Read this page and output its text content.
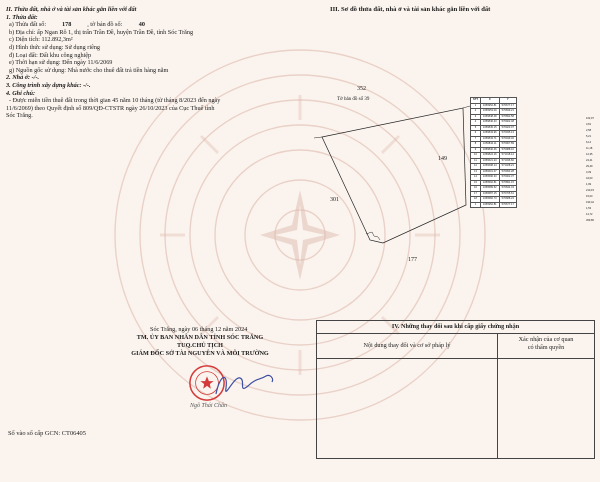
II. Thửa đất, nhà ở và tài sản khác gắn liền với đất
1. Thửa đất:
a) Thửa đất số:	178	, tờ bản đồ số:	40
b) Địa chỉ: ấp Ngan Rô 1, thị trấn Trần Đề, huyện Trần Đề, tỉnh Sóc Trăng
c) Diện tích: 112.892,3m²
d) Hình thức sử dụng: Sử dụng riêng
đ) Loại đất: Đất khu công nghiệp
e) Thời hạn sử dụng: Đến ngày 11/6/2069
g) Nguồn gốc sử dụng: Nhà nước cho thuê đất trả tiền hàng năm
2. Nhà ở: -/-.
3. Công trình xây dựng khác: -/-.
4. Ghi chú:
- Được miễn tiền thuê đất trong thời gian 45 năm 10 tháng (từ tháng 8/2023 đến ngày
11/6/2069) theo Quyết định số 809/QĐ-CTSTR ngày 26/10/2023 của Cục Thuế tỉnh
Sóc Trăng.
III. Sơ đồ thửa đất, nhà ở và tài sản khác gắn liền với đất
352
Tờ bản đồ số 39
149
301
177
STT	X	Y
1	1056952.81	570677.17
2	1056953.09	570839.21
3	1056848.48	570892.58
4	1056846.43	570902.48
5	1056845.15	570923.07
6	1056843.96	570935.13
7	1056843.71	570949.32
8	1056842.11	570967.89
9	1056840.46	570988.10
10	1056824.16	571018.12
11	1056621.23	571036.82
12	1056608.14	571028.21
13	1056601.07	570993.28
14	1056596.33	570902.37
15	1056592.81	570891.15
16	1056589.52	570844.43
17	1056587.15	570765.61
18	1056582.73	570688.24
1	1056952.81	570677.17
162,97
3,81
2,58
5,21
6,12
11,18
12,35
24,41
29,49
3,39
44,03
1,99
210,15
15,03
193,42
1,53
14,72
369,86
Sóc Trăng, ngày 06 tháng 12 năm 2024
TM. ỦY BAN NHÂN DÂN TỈNH SÓC TRĂNG
TUQ.CHỦ TỊCH
GIÁM ĐỐC SỞ TÀI NGUYÊN VÀ MÔI TRƯỜNG
Ngô Thái Chân
Số vào sổ cấp GCN: CT06405
IV. Những thay đổi sau khi cấp giấy chứng nhận
Nội dung thay đổi và cơ sở pháp lý
Xác nhận của cơ quan
có thẩm quyền
